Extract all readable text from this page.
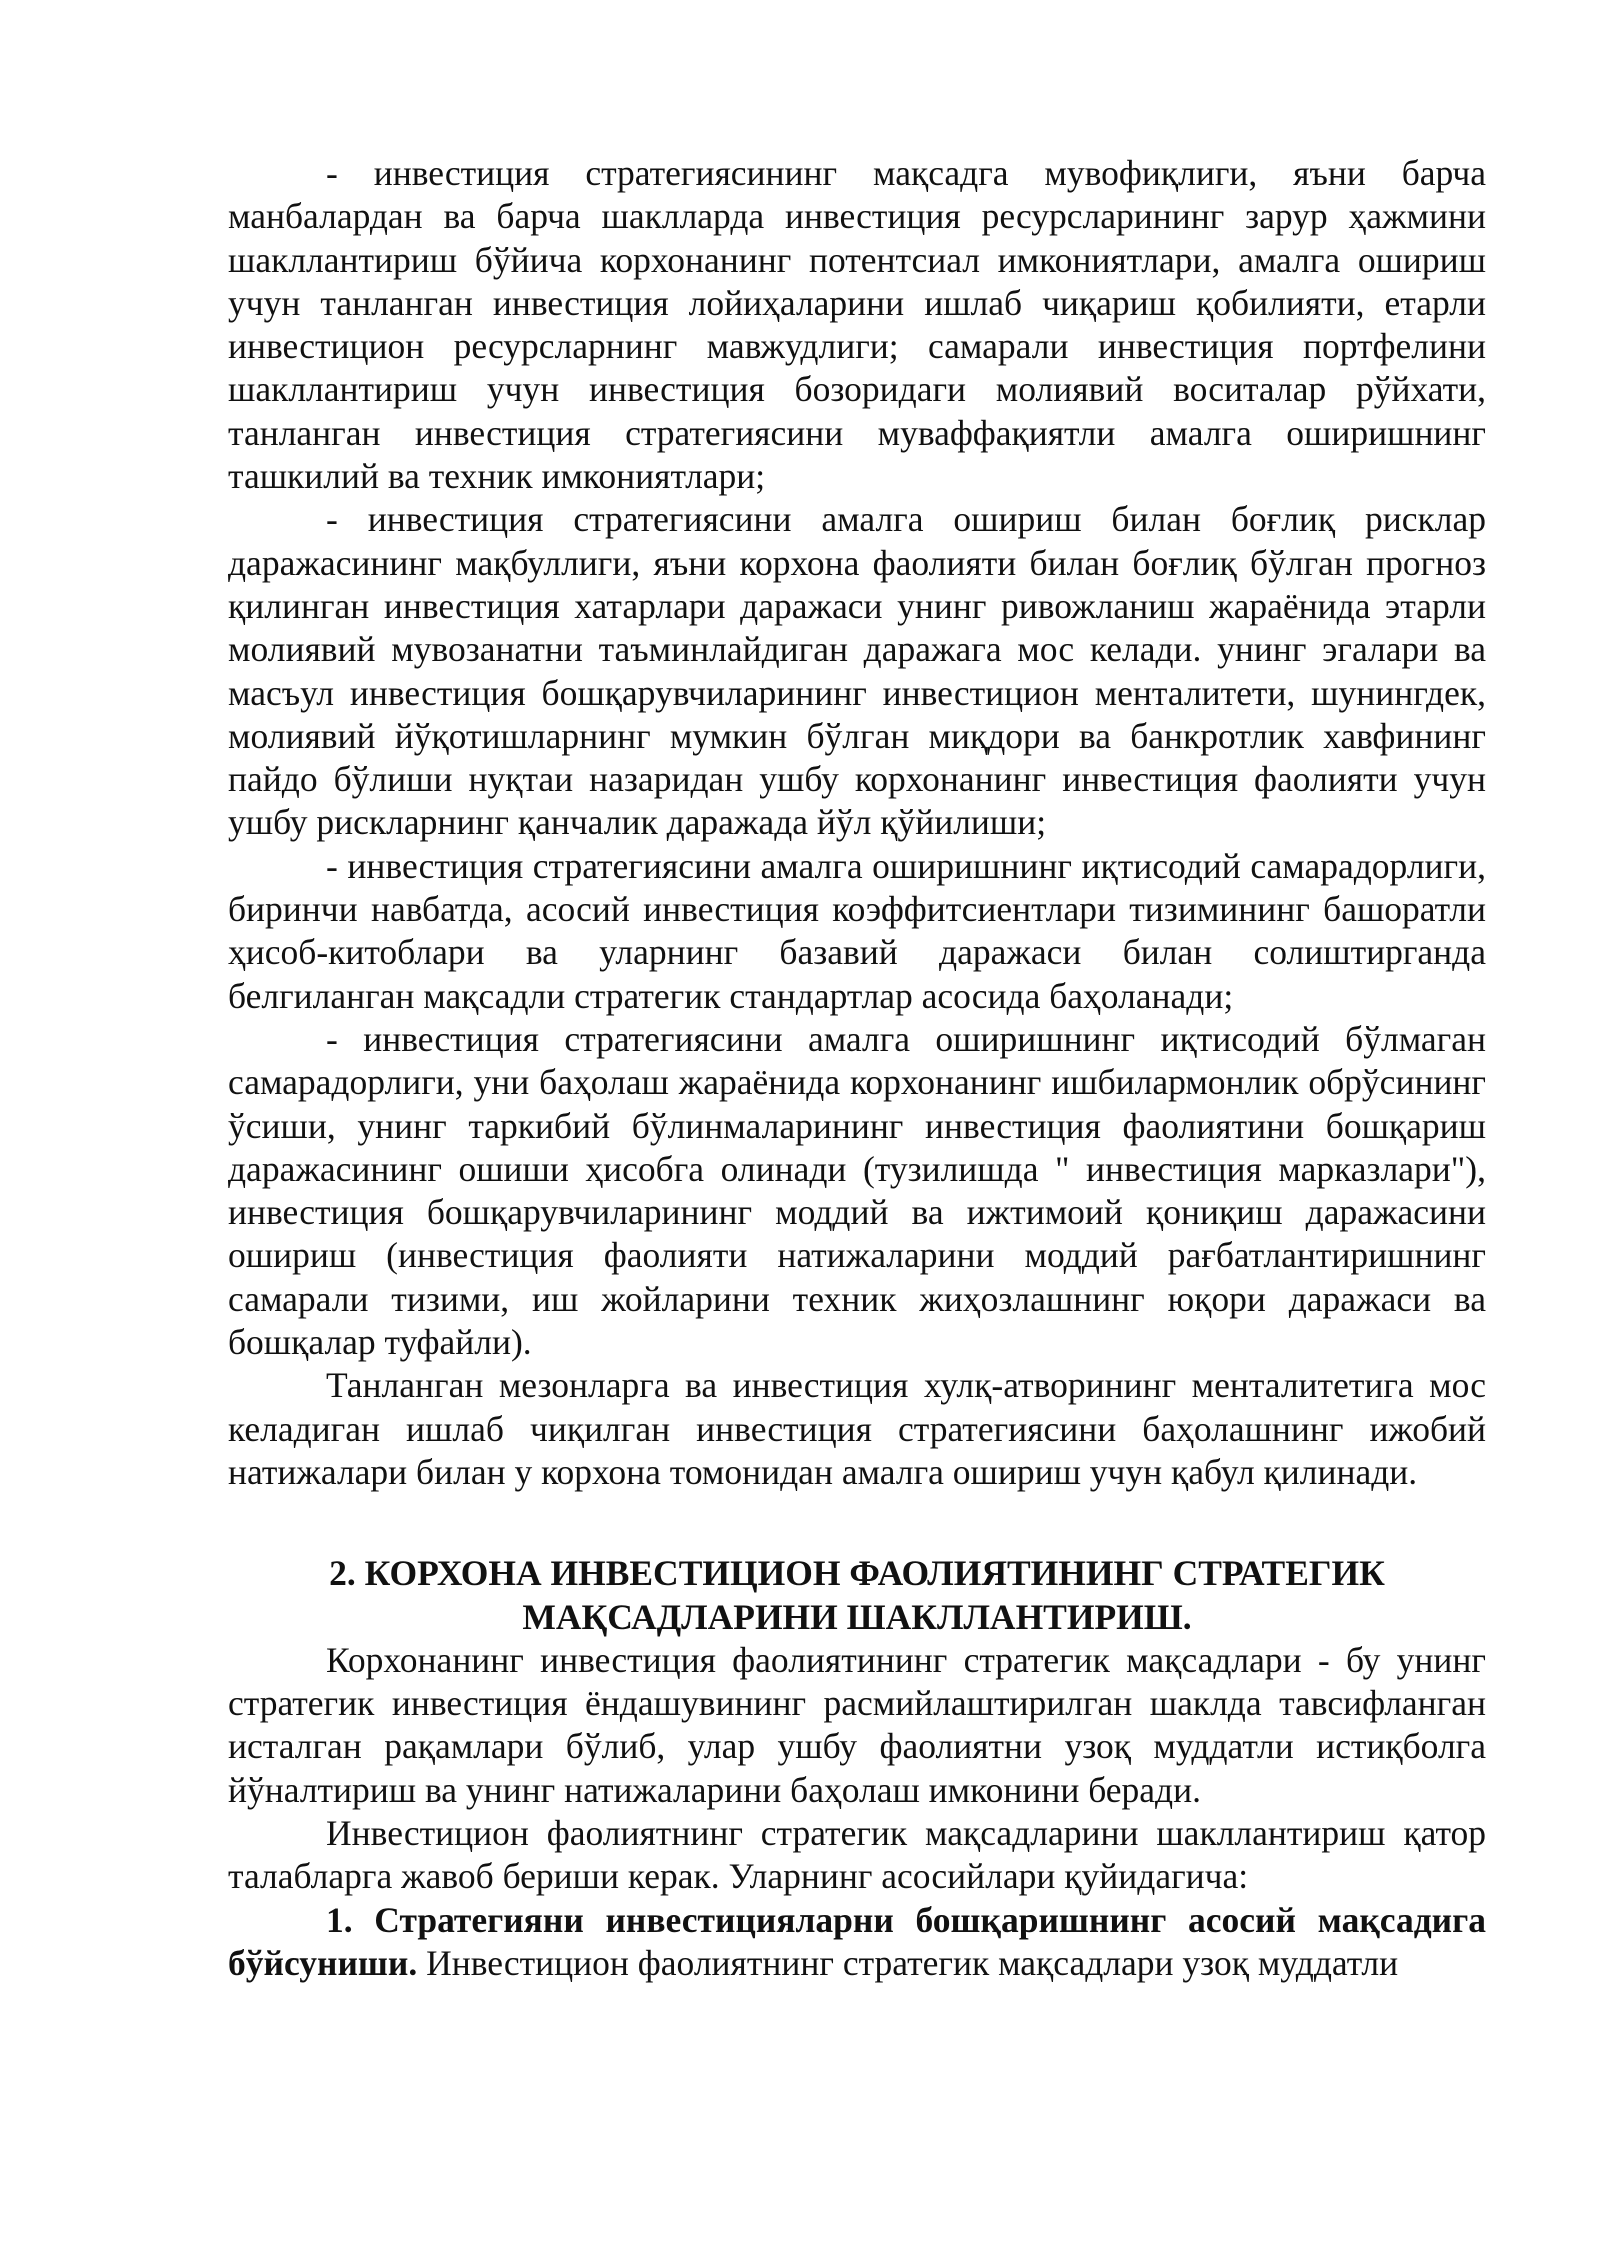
- инвестиция стратегиясининг мақсадга мувофиқлиги, яъни барча манбалардан ва барча шаклларда инвестиция ресурсларининг зарур ҳажмини шакллантириш бўйича корхонанинг потентсиал имкониятлари, амалга ошириш учун танланган инвестиция лойиҳаларини ишлаб чиқариш қобилияти, етарли инвестицион ресурсларнинг мавжудлиги; самарали инвестиция портфелини шакллантириш учун инвестиция бозоридаги молиявий воситалар рўйхати, танланган инвестиция стратегиясини муваффақиятли амалга оширишнинг ташкилий ва техник имкониятлари;

- инвестиция стратегиясини амалга ошириш билан боғлиқ рисклар даражасининг мақбуллиги, яъни корхона фаолияти билан боғлиқ бўлган прогноз қилинган инвестиция хатарлари даражаси унинг ривожланиш жараёнида этарли молиявий мувозанатни таъминлайдиган даражага мос келади. унинг эгалари ва масъул инвестиция бошқарувчиларининг инвестицион менталитети, шунингдек, молиявий йўқотишларнинг мумкин бўлган миқдори ва банкротлик хавфининг пайдо бўлиши нуқтаи назаридан ушбу корхонанинг инвестиция фаолияти учун ушбу рискларнинг қанчалик даражада йўл қўйилиши;

- инвестиция стратегиясини амалга оширишнинг иқтисодий самарадорлиги, биринчи навбатда, асосий инвестиция коэффитсиентлари тизимининг башоратли ҳисоб-китоблари ва уларнинг базавий даражаси билан солиштирганда белгиланган мақсадли стратегик стандартлар асосида баҳоланади;

- инвестиция стратегиясини амалга оширишнинг иқтисодий бўлмаган самарадорлиги, уни баҳолаш жараёнида корхонанинг ишбилармонлик обрўсининг ўсиши, унинг таркибий бўлинмаларининг инвестиция фаолиятини бошқариш даражасининг ошиши ҳисобга олинади (тузилишда " инвестиция марказлари"), инвестиция бошқарувчиларининг моддий ва ижтимоий қониқиш даражасини ошириш (инвестиция фаолияти натижаларини моддий рағбатлантиришнинг самарали тизими, иш жойларини техник жиҳозлашнинг юқори даражаси ва бошқалар туфайли).

Танланган мезонларга ва инвестиция хулқ-атворининг менталитетига мос келадиган ишлаб чиқилган инвестиция стратегиясини баҳолашнинг ижобий натижалари билан у корхона томонидан амалга ошириш учун қабул қилинади.

2. КОРХОНА ИНВЕСТИЦИОН ФАОЛИЯТИНИНГ СТРАТЕГИК МАҚСАДЛАРИНИ ШАКЛЛАНТИРИШ.

Корхонанинг инвестиция фаолиятининг стратегик мақсадлари - бу унинг стратегик инвестиция ёндашувининг расмийлаштирилган шаклда тавсифланган исталган рақамлари бўлиб, улар ушбу фаолиятни узоқ муддатли истиқболга йўналтириш ва унинг натижаларини баҳолаш имконини беради.

Инвестицион фаолиятнинг стратегик мақсадларини шакллантириш қатор талабларга жавоб бериши керак. Уларнинг асосийлари қуйидагича:

1. Стратегияни инвестицияларни бошқаришнинг асосий мақсадига бўйсуниши. Инвестицион фаолиятнинг стратегик мақсадлари узоқ муддатли
